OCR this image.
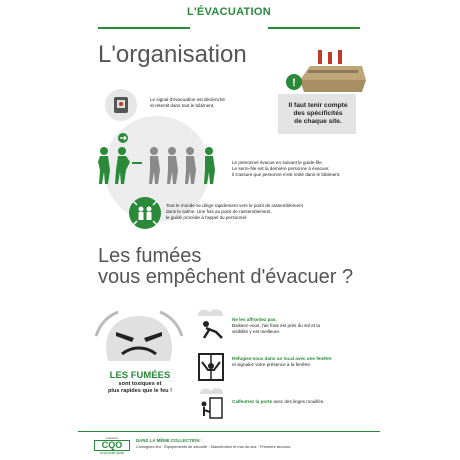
L'ÉVACUATION
L'organisation
!
Il faut tenir compte
des spécificités
de chaque site.
Le signal d'évacuation est déclenché
et retentit dans tout le bâtiment.
Le personnel évacue en suivant le guide-file.
Le serre-file est la dernière personne à évacuer,
il s'assure que personne n'est resté dans le bâtiment.
Tout le monde se dirige rapidement vers le point de rassemblement
dans le calme. Une fois au point de rassemblement,
le guide procède à l'appel du personnel.
Les fumées
vous empêchent d'évacuer ?
LES FUMÉES
sont toxiques et
plus rapides que le feu !
Ne les affrontez pas.
Baissez-vous, l'air frais est près du sol et la
visibilité y est meilleure.
Réfugiez-vous dans un local avec une fenêtre
et signalez votre présence à la fenêtre.
Calfeutrez la porte avec des linges mouillés.
collection
CQO
la sécurité facile
DANS LA MÊME COLLECTION :
Consignes feu · Équipements de sécurité · Manutention et mal de dos · Premiers secours.
